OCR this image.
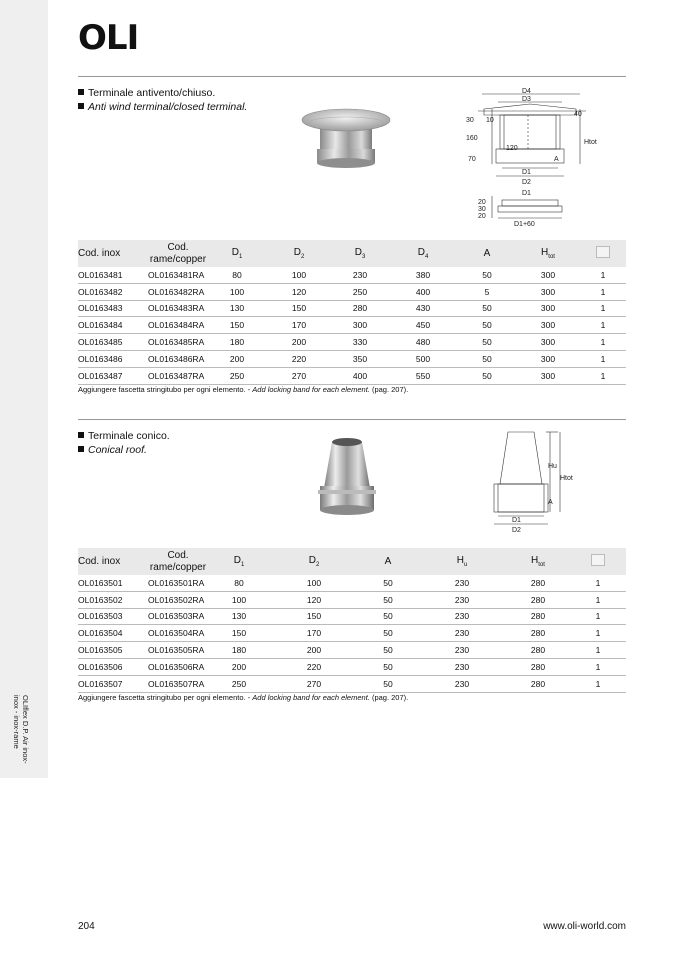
OLIflex D.P. Air inox-
inox - inox-rame
OLI
Terminale antivento/chiuso.
Anti wind terminal/closed terminal.
D4
D3
40
30 10
160
Htot
120
70	A
D1
D2
D1
20
30
20
D1+60
Cod. inox	Cod. rame/copper	$D_1$	$D_2$	$D_3$	$D_4$	A	$H_{tot}$	
OL0163481	OL0163481RA	80	100	230	380	50	300	1
OL0163482	OL0163482RA	100	120	250	400	5	300	1
OL0163483	OL0163483RA	130	150	280	430	50	300	1
OL0163484	OL0163484RA	150	170	300	450	50	300	1
OL0163485	OL0163485RA	180	200	330	480	50	300	1
OL0163486	OL0163486RA	200	220	350	500	50	300	1
OL0163487	OL0163487RA	250	270	400	550	50	300	1
Aggiungere fascetta stringitubo per ogni elemento. - Add locking band for each element. (pag. 207).
Terminale conico.
Conical roof.
Hu
Htot
A
D1
D2
Cod. inox	Cod. rame/copper	$D_1$	$D_2$	A	$H_u$	$H_{tot}$	
OL0163501	OL0163501RA	80	100	50	230	280	1
OL0163502	OL0163502RA	100	120	50	230	280	1
OL0163503	OL0163503RA	130	150	50	230	280	1
OL0163504	OL0163504RA	150	170	50	230	280	1
OL0163505	OL0163505RA	180	200	50	230	280	1
OL0163506	OL0163506RA	200	220	50	230	280	1
OL0163507	OL0163507RA	250	270	50	230	280	1
Aggiungere fascetta stringitubo per ogni elemento. - Add locking band for each element. (pag. 207).
204	www.oli-world.com
